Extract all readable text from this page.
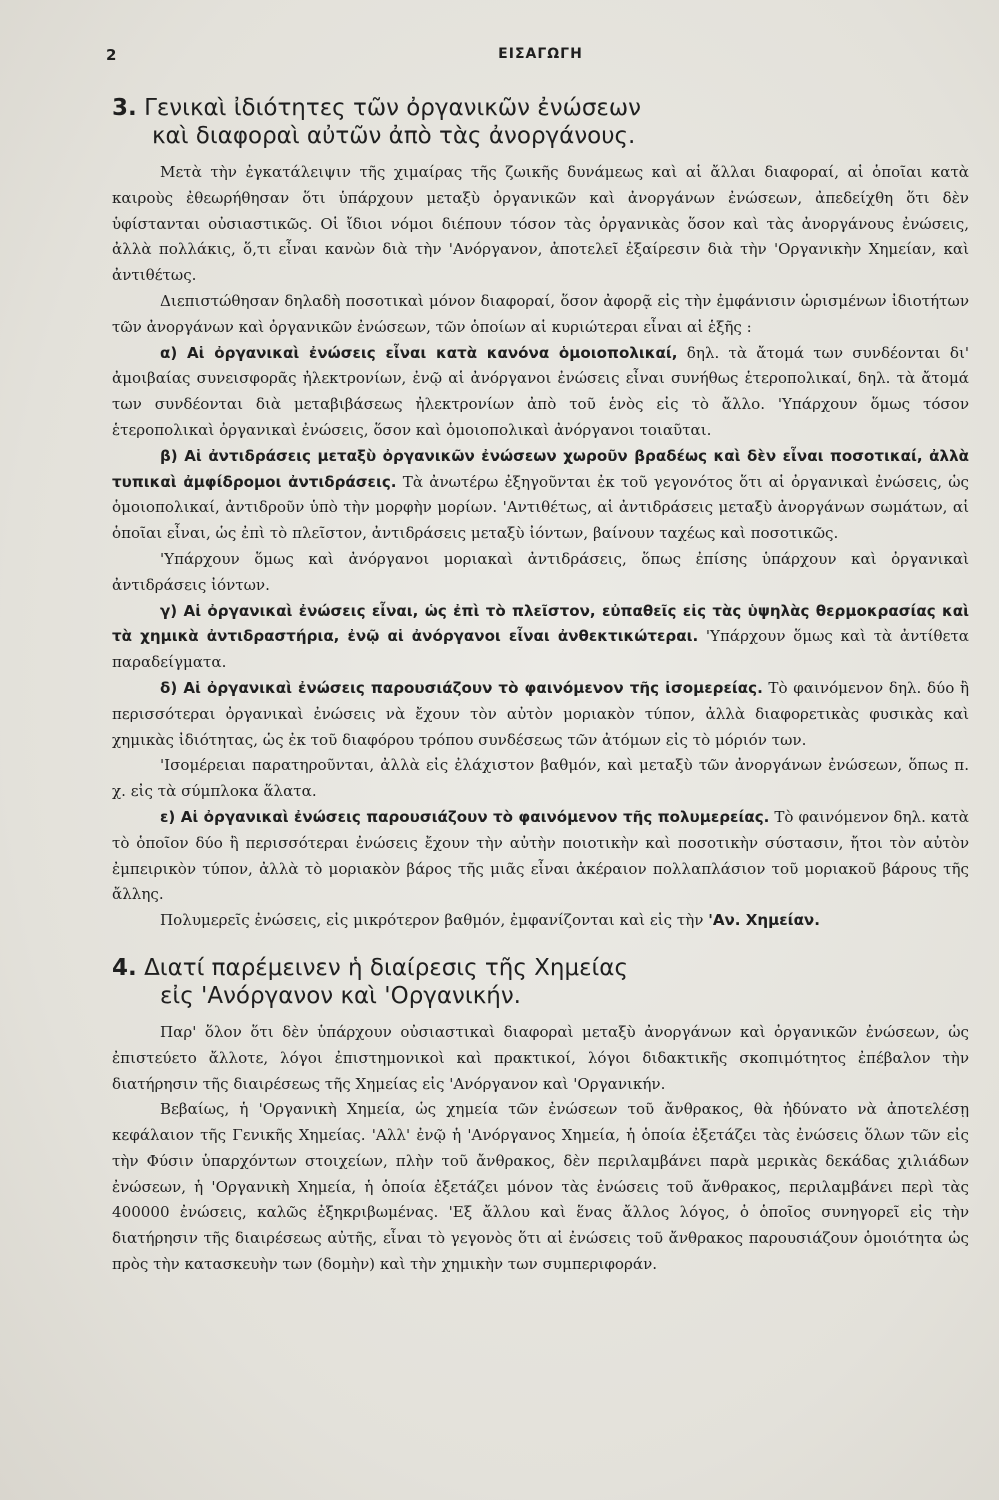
2	ΕΙΣΑΓΩΓΗ
3. Γενικαὶ ἰδιότητες τῶν ὀργανικῶν ἐνώσεων
καὶ διαφοραὶ αὐτῶν ἀπὸ τὰς ἀνοργάνους.

Μετὰ τὴν ἐγκατάλειψιν τῆς χιμαίρας τῆς ζωικῆς δυνάμεως καὶ αἱ ἄλλαι διαφοραί, αἱ ὁποῖαι κατὰ καιροὺς ἐθεωρήθησαν ὅτι ὑπάρχουν μεταξὺ ὀργανικῶν καὶ ἀνοργάνων ἐνώσεων, ἀπεδείχθη ὅτι δὲν ὑφίστανται οὐσιαστικῶς. Οἱ ἴδιοι νόμοι διέπουν τόσον τὰς ὀργανικὰς ὅσον καὶ τὰς ἀνοργάνους ἐνώσεις, ἀλλὰ πολλάκις, ὅ,τι εἶναι κανὼν διὰ τὴν 'Ανόργανον, ἀποτελεῖ ἐξαίρεσιν διὰ τὴν 'Οργανικὴν Χημείαν, καὶ ἀντιθέτως.

Διεπιστώθησαν δηλαδὴ ποσοτικαὶ μόνον διαφοραί, ὅσον ἀφορᾷ εἰς τὴν ἐμφάνισιν ὡρισμένων ἰδιοτήτων τῶν ἀνοργάνων καὶ ὀργανικῶν ἐνώσεων, τῶν ὁποίων αἱ κυριώτεραι εἶναι αἱ ἑξῆς :

α) Αἱ ὀργανικαὶ ἐνώσεις εἶναι κατὰ κανόνα ὁμοιοπολικαί, δηλ. τὰ ἄτομά των συνδέονται δι' ἀμοιβαίας συνεισφορᾶς ἠλεκτρονίων, ἐνῷ αἱ ἀνόργανοι ἐνώσεις εἶναι συνήθως ἑτεροπολικαί, δηλ. τὰ ἄτομά των συνδέονται διὰ μεταβιβάσεως ἠλεκτρονίων ἀπὸ τοῦ ἑνὸς εἰς τὸ ἄλλο. 'Υπάρχουν ὅμως τόσον ἑτεροπολικαὶ ὀργανικαὶ ἐνώσεις, ὅσον καὶ ὁμοιοπολικαὶ ἀνόργανοι τοιαῦται.

β) Αἱ ἀντιδράσεις μεταξὺ ὀργανικῶν ἐνώσεων χωροῦν βραδέως καὶ δὲν εἶναι ποσοτικαί, ἀλλὰ τυπικαὶ ἀμφίδρομοι ἀντιδράσεις. Τὰ ἀνωτέρω ἐξηγοῦνται ἐκ τοῦ γεγονότος ὅτι αἱ ὀργανικαὶ ἐνώσεις, ὡς ὁμοιοπολικαί, ἀντιδροῦν ὑπὸ τὴν μορφὴν μορίων. 'Αντιθέτως, αἱ ἀντιδράσεις μεταξὺ ἀνοργάνων σωμάτων, αἱ ὁποῖαι εἶναι, ὡς ἐπὶ τὸ πλεῖστον, ἀντιδράσεις μεταξὺ ἰόντων, βαίνουν ταχέως καὶ ποσοτικῶς.

'Υπάρχουν ὅμως καὶ ἀνόργανοι μοριακαὶ ἀντιδράσεις, ὅπως ἐπίσης ὑπάρχουν καὶ ὀργανικαὶ ἀντιδράσεις ἰόντων.

γ) Αἱ ὀργανικαὶ ἐνώσεις εἶναι, ὡς ἐπὶ τὸ πλεῖστον, εὐπαθεῖς εἰς τὰς ὑψηλὰς θερμοκρασίας καὶ τὰ χημικὰ ἀντιδραστήρια, ἐνῷ αἱ ἀνόργανοι εἶναι ἀνθεκτικώτεραι. 'Υπάρχουν ὅμως καὶ τὰ ἀντίθετα παραδείγματα.

δ) Αἱ ὀργανικαὶ ἐνώσεις παρουσιάζουν τὸ φαινόμενον τῆς ἰσομερείας. Τὸ φαινόμενον δηλ. δύο ἢ περισσότεραι ὀργανικαὶ ἐνώσεις νὰ ἔχουν τὸν αὐτὸν μοριακὸν τύπον, ἀλλὰ διαφορετικὰς φυσικὰς καὶ χημικὰς ἰδιότητας, ὡς ἐκ τοῦ διαφόρου τρόπου συνδέσεως τῶν ἀτόμων εἰς τὸ μόριόν των.

'Ισομέρειαι παρατηροῦνται, ἀλλὰ εἰς ἐλάχιστον βαθμόν, καὶ μεταξὺ τῶν ἀνοργάνων ἐνώσεων, ὅπως π. χ. εἰς τὰ σύμπλοκα ἅλατα.

ε) Αἱ ὀργανικαὶ ἐνώσεις παρουσιάζουν τὸ φαινόμενον τῆς πολυμερείας. Τὸ φαινόμενον δηλ. κατὰ τὸ ὁποῖον δύο ἢ περισσότεραι ἐνώσεις ἔχουν τὴν αὐτὴν ποιοτικὴν καὶ ποσοτικὴν σύστασιν, ἤτοι τὸν αὐτὸν ἐμπειρικὸν τύπον, ἀλλὰ τὸ μοριακὸν βάρος τῆς μιᾶς εἶναι ἀκέραιον πολλαπλάσιον τοῦ μοριακοῦ βάρους τῆς ἄλλης.

Πολυμερεῖς ἐνώσεις, εἰς μικρότερον βαθμόν, ἐμφανίζονται καὶ εἰς τὴν 'Αν. Χημείαν.

4. Διατί παρέμεινεν ἡ διαίρεσις τῆς Χημείας
εἰς 'Ανόργανον καὶ 'Οργανικήν.

Παρ' ὅλον ὅτι δὲν ὑπάρχουν οὐσιαστικαὶ διαφοραὶ μεταξὺ ἀνοργάνων καὶ ὀργανικῶν ἐνώσεων, ὡς ἐπιστεύετο ἄλλοτε, λόγοι ἐπιστημονικοὶ καὶ πρακτικοί, λόγοι διδακτικῆς σκοπιμότητος ἐπέβαλον τὴν διατήρησιν τῆς διαιρέσεως τῆς Χημείας εἰς 'Ανόργανον καὶ 'Οργανικήν.

Βεβαίως, ἡ 'Οργανικὴ Χημεία, ὡς χημεία τῶν ἐνώσεων τοῦ ἄνθρακος, θὰ ἠδύνατο νὰ ἀποτελέσῃ κεφάλαιον τῆς Γενικῆς Χημείας. 'Αλλ' ἐνῷ ἡ 'Ανόργανος Χημεία, ἡ ὁποία ἐξετάζει τὰς ἐνώσεις ὅλων τῶν εἰς τὴν Φύσιν ὑπαρχόντων στοιχείων, πλὴν τοῦ ἄνθρακος, δὲν περιλαμβάνει παρὰ μερικὰς δεκάδας χιλιάδων ἐνώσεων, ἡ 'Οργανικὴ Χημεία, ἡ ὁποία ἐξετάζει μόνον τὰς ἐνώσεις τοῦ ἄνθρακος, περιλαμβάνει περὶ τὰς 400000 ἐνώσεις, καλῶς ἐξηκριβωμένας. 'Εξ ἄλλου καὶ ἕνας ἄλλος λόγος, ὁ ὁποῖος συνηγορεῖ εἰς τὴν διατήρησιν τῆς διαιρέσεως αὐτῆς, εἶναι τὸ γεγονὸς ὅτι αἱ ἐνώσεις τοῦ ἄνθρακος παρουσιάζουν ὁμοιότητα ὡς πρὸς τὴν κατασκευὴν των (δομὴν) καὶ τὴν χημικὴν των συμπεριφοράν.
